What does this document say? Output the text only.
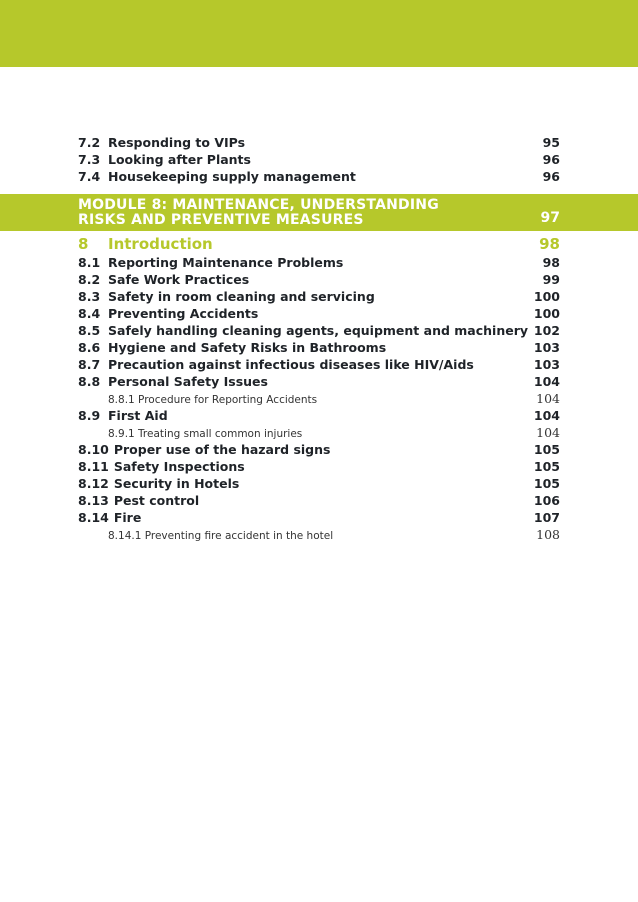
7.2 Responding to VIPs	95
7.3 Looking after Plants	96
7.4 Housekeeping supply management	96
MODULE 8: MAINTENANCE, UNDERSTANDING
RISKS AND PREVENTIVE MEASURES	97
8	Introduction	98
8.1 Reporting Maintenance Problems	98
8.2 Safe Work Practices	99
8.3 Safety in room cleaning and servicing	100
8.4 Preventing Accidents	100
8.5 Safely handling cleaning agents, equipment and machinery 102
8.6 Hygiene and Safety Risks in Bathrooms	103
8.7 Precaution against infectious diseases like HIV/Aids	103
8.8 Personal Safety Issues	104
8.8.1 Procedure for Reporting Accidents	104
8.9 First Aid	104
8.9.1 Treating small common injuries	104
8.10 Proper use of the hazard signs	105
8.11 Safety Inspections	105
8.12 Security in Hotels	105
8.13 Pest control	106
8.14 Fire	107
8.14.1 Preventing fire accident in the hotel	108
